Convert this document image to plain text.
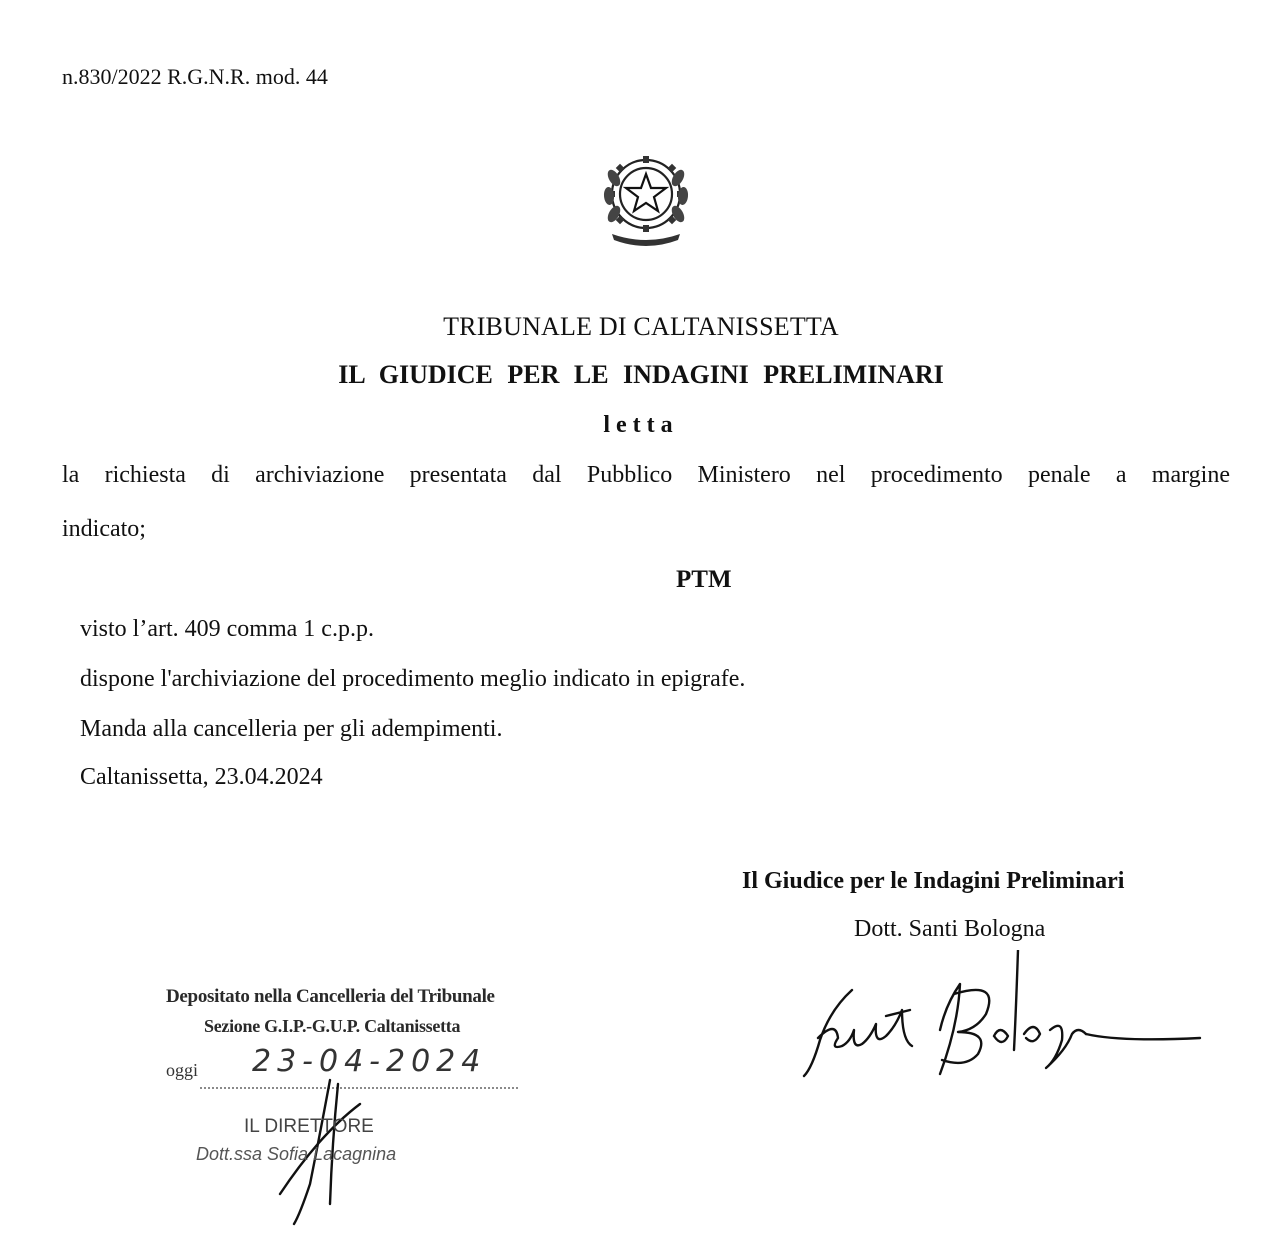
n.830/2022 R.G.N.R. mod. 44
TRIBUNALE DI CALTANISSETTA
IL GIUDICE PER LE INDAGINI PRELIMINARI
letta
la richiesta di archiviazione presentata dal Pubblico Ministero nel procedimento penale a margine
indicato;
PTM
visto l’art. 409 comma 1 c.p.p.
dispone l'archiviazione del procedimento meglio indicato in epigrafe.
Manda alla cancelleria per gli adempimenti.
Caltanissetta, 23.04.2024
Il Giudice per le Indagini Preliminari
Dott. Santi Bologna
Depositato nella Cancelleria del Tribunale
Sezione G.I.P.-G.U.P. Caltanissetta
oggi 23-04-2024
IL DIRETTORE
Dott.ssa Sofia Lacagnina
